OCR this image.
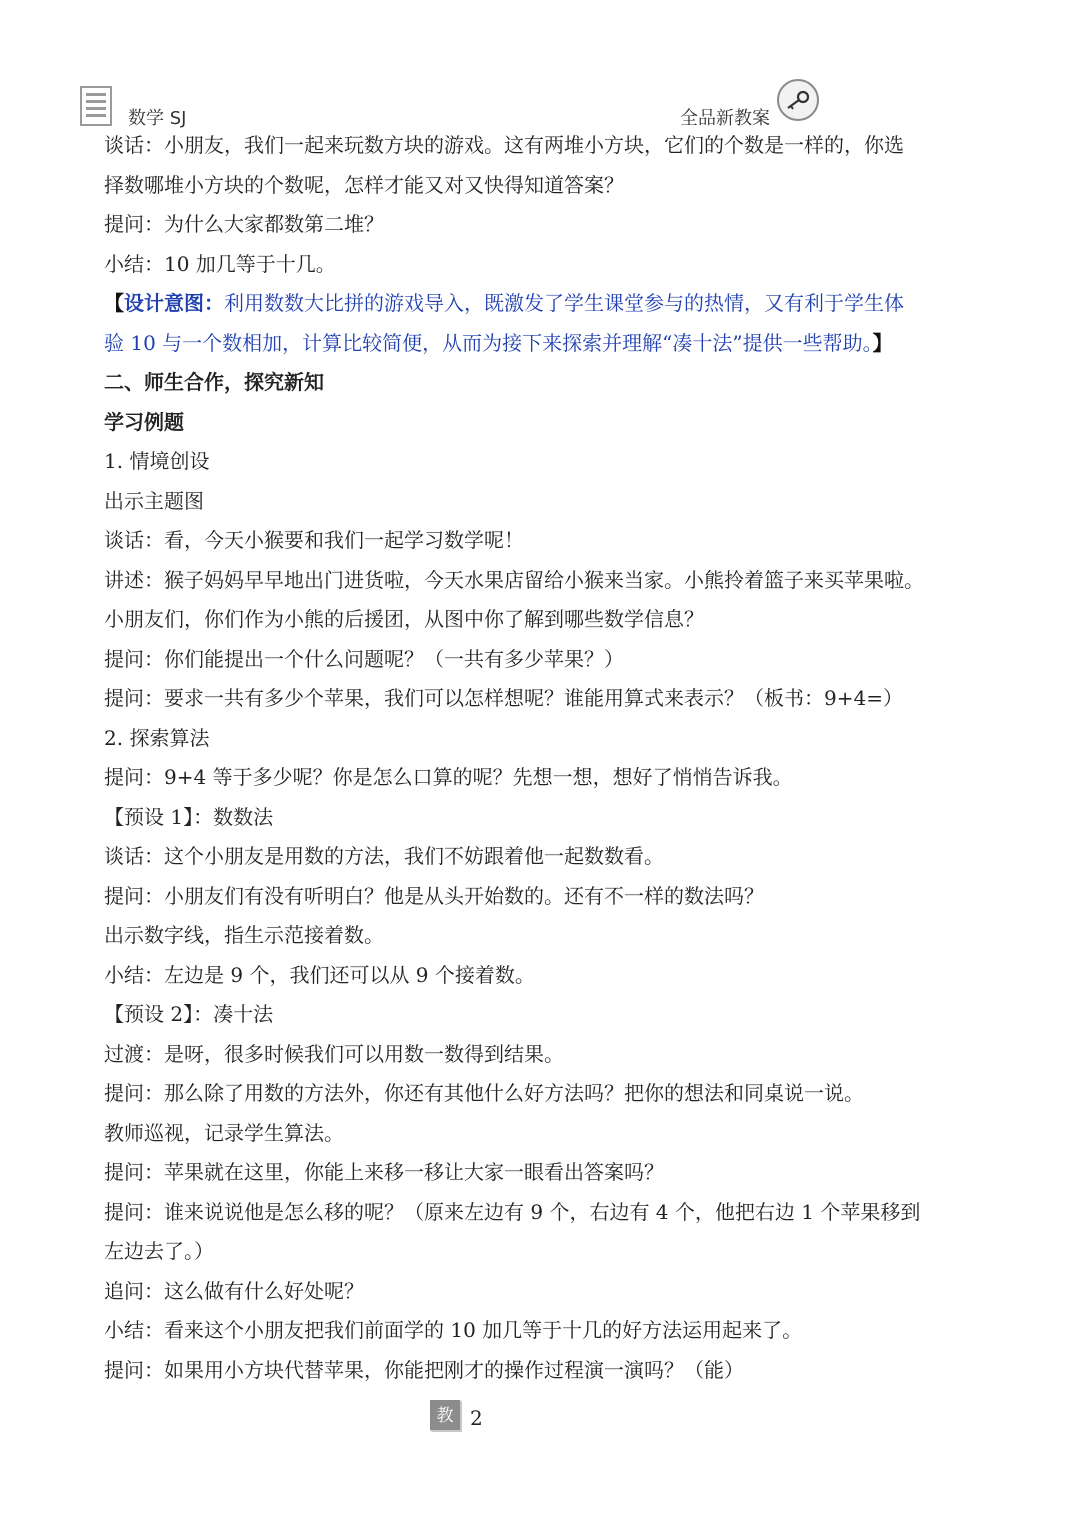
数学 SJ	全品新教案
谈话：小朋友，我们一起来玩数方块的游戏。这有两堆小方块，它们的个数是一样的，你选
择数哪堆小方块的个数呢，怎样才能又对又快得知道答案？
提问：为什么大家都数第二堆？
小结：10 加几等于十几。
【设计意图：利用数数大比拼的游戏导入，既激发了学生课堂参与的热情，又有利于学生体
验 10 与一个数相加，计算比较简便，从而为接下来探索并理解“凑十法”提供一些帮助。】
二、师生合作，探究新知
学习例题
1. 情境创设
出示主题图
谈话：看，今天小猴要和我们一起学习数学呢！
讲述：猴子妈妈早早地出门进货啦，今天水果店留给小猴来当家。小熊拎着篮子来买苹果啦。
小朋友们，你们作为小熊的后援团，从图中你了解到哪些数学信息？
提问：你们能提出一个什么问题呢？（一共有多少苹果？）
提问：要求一共有多少个苹果，我们可以怎样想呢？谁能用算式来表示？（板书：9+4=）
2. 探索算法
提问：9+4 等于多少呢？你是怎么口算的呢？先想一想，想好了悄悄告诉我。
【预设 1】：数数法
谈话：这个小朋友是用数的方法，我们不妨跟着他一起数数看。
提问：小朋友们有没有听明白？他是从头开始数的。还有不一样的数法吗？
出示数字线，指生示范接着数。
小结：左边是 9 个，我们还可以从 9 个接着数。
【预设 2】：凑十法
过渡：是呀，很多时候我们可以用数一数得到结果。
提问：那么除了用数的方法外，你还有其他什么好方法吗？把你的想法和同桌说一说。
教师巡视，记录学生算法。
提问：苹果就在这里，你能上来移一移让大家一眼看出答案吗？
提问：谁来说说他是怎么移的呢？（原来左边有 9 个，右边有 4 个，他把右边 1 个苹果移到
左边去了。）
追问：这么做有什么好处呢？
小结：看来这个小朋友把我们前面学的 10 加几等于十几的好方法运用起来了。
提问：如果用小方块代替苹果，你能把刚才的操作过程演一演吗？（能）
教 2
